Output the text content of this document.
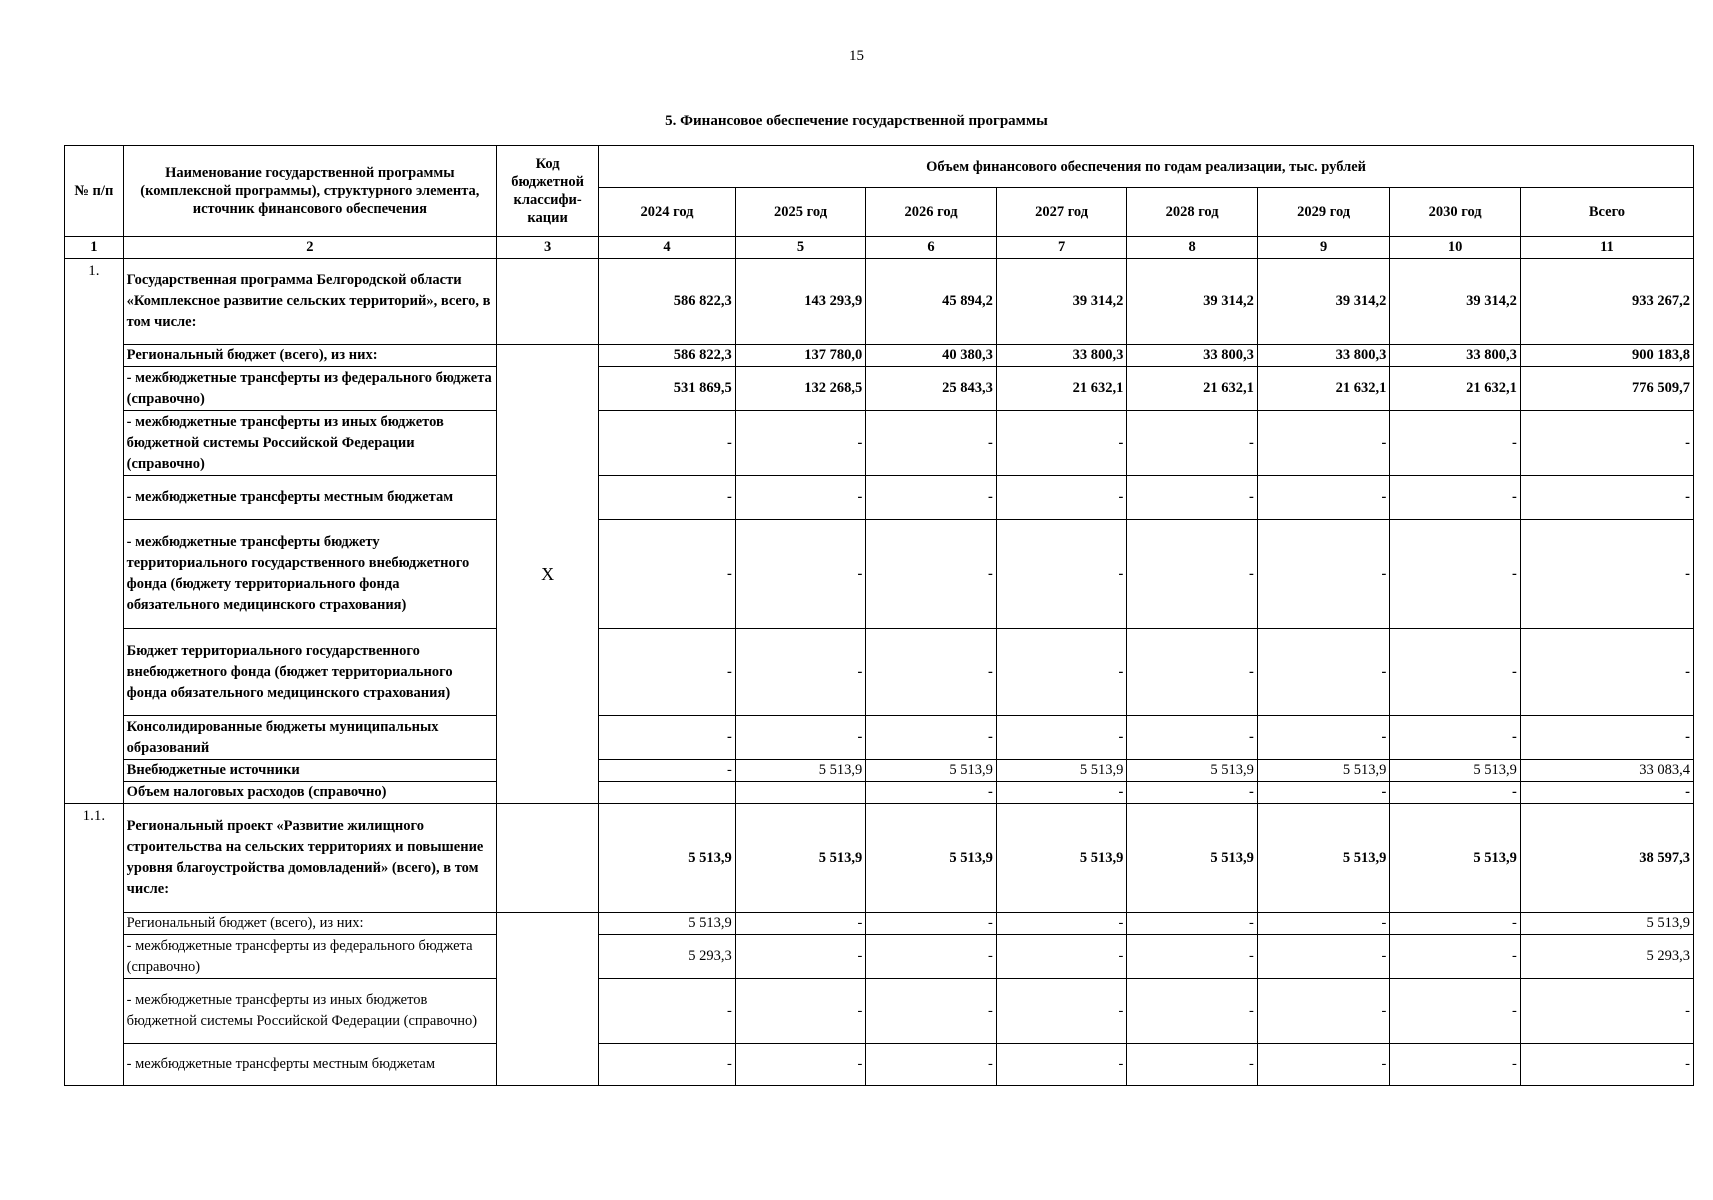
15
5. Финансовое обеспечение государственной программы
№ п/п	Наименование государственной программы (комплексной программы), структурного элемента, источник финансового обеспечения	Код бюджетной классифи-кации	Объем финансового обеспечения по годам реализации, тыс. рублей							
			2024 год	2025 год	2026 год	2027 год	2028 год	2029 год	2030 год	Всего
1	2	3	4	5	6	7	8	9	10	11
1.	Государственная программа Белгородской области «Комплексное развитие сельских территорий», всего, в том числе:		586 822,3	143 293,9	45 894,2	39 314,2	39 314,2	39 314,2	39 314,2	933 267,2
	Региональный бюджет (всего), из них:	Х	586 822,3	137 780,0	40 380,3	33 800,3	33 800,3	33 800,3	33 800,3	900 183,8
	- межбюджетные трансферты из федерального бюджета (справочно)		531 869,5	132 268,5	25 843,3	21 632,1	21 632,1	21 632,1	21 632,1	776 509,7
	- межбюджетные трансферты из иных бюджетов бюджетной системы Российской Федерации (справочно)		-	-	-	-	-	-	-	-
	- межбюджетные трансферты местным бюджетам		-	-	-	-	-	-	-	-
	- межбюджетные трансферты бюджету территориального государственного внебюджетного фонда (бюджету территориального фонда обязательного медицинского страхования)		-	-	-	-	-	-	-	-
	Бюджет территориального государственного внебюджетного фонда (бюджет территориального фонда обязательного медицинского страхования)		-	-	-	-	-	-	-	-
	Консолидированные бюджеты муниципальных образований		-	-	-	-	-	-	-	-
	Внебюджетные источники		-	5 513,9	5 513,9	5 513,9	5 513,9	5 513,9	5 513,9	33 083,4
	Объем налоговых расходов (справочно)				-	-	-	-	-	-
1.1.	Региональный проект «Развитие жилищного строительства на сельских территориях и повышение уровня благоустройства домовладений» (всего), в том числе:		5 513,9	5 513,9	5 513,9	5 513,9	5 513,9	5 513,9	5 513,9	38 597,3
	Региональный бюджет (всего), из них:		5 513,9	-	-	-	-	-	-	5 513,9
	- межбюджетные трансферты из федерального бюджета (справочно)		5 293,3	-	-	-	-	-	-	5 293,3
	- межбюджетные трансферты из иных бюджетов бюджетной системы Российской Федерации (справочно)		-	-	-	-	-	-	-	-
	- межбюджетные трансферты местным бюджетам		-	-	-	-	-	-	-	-
